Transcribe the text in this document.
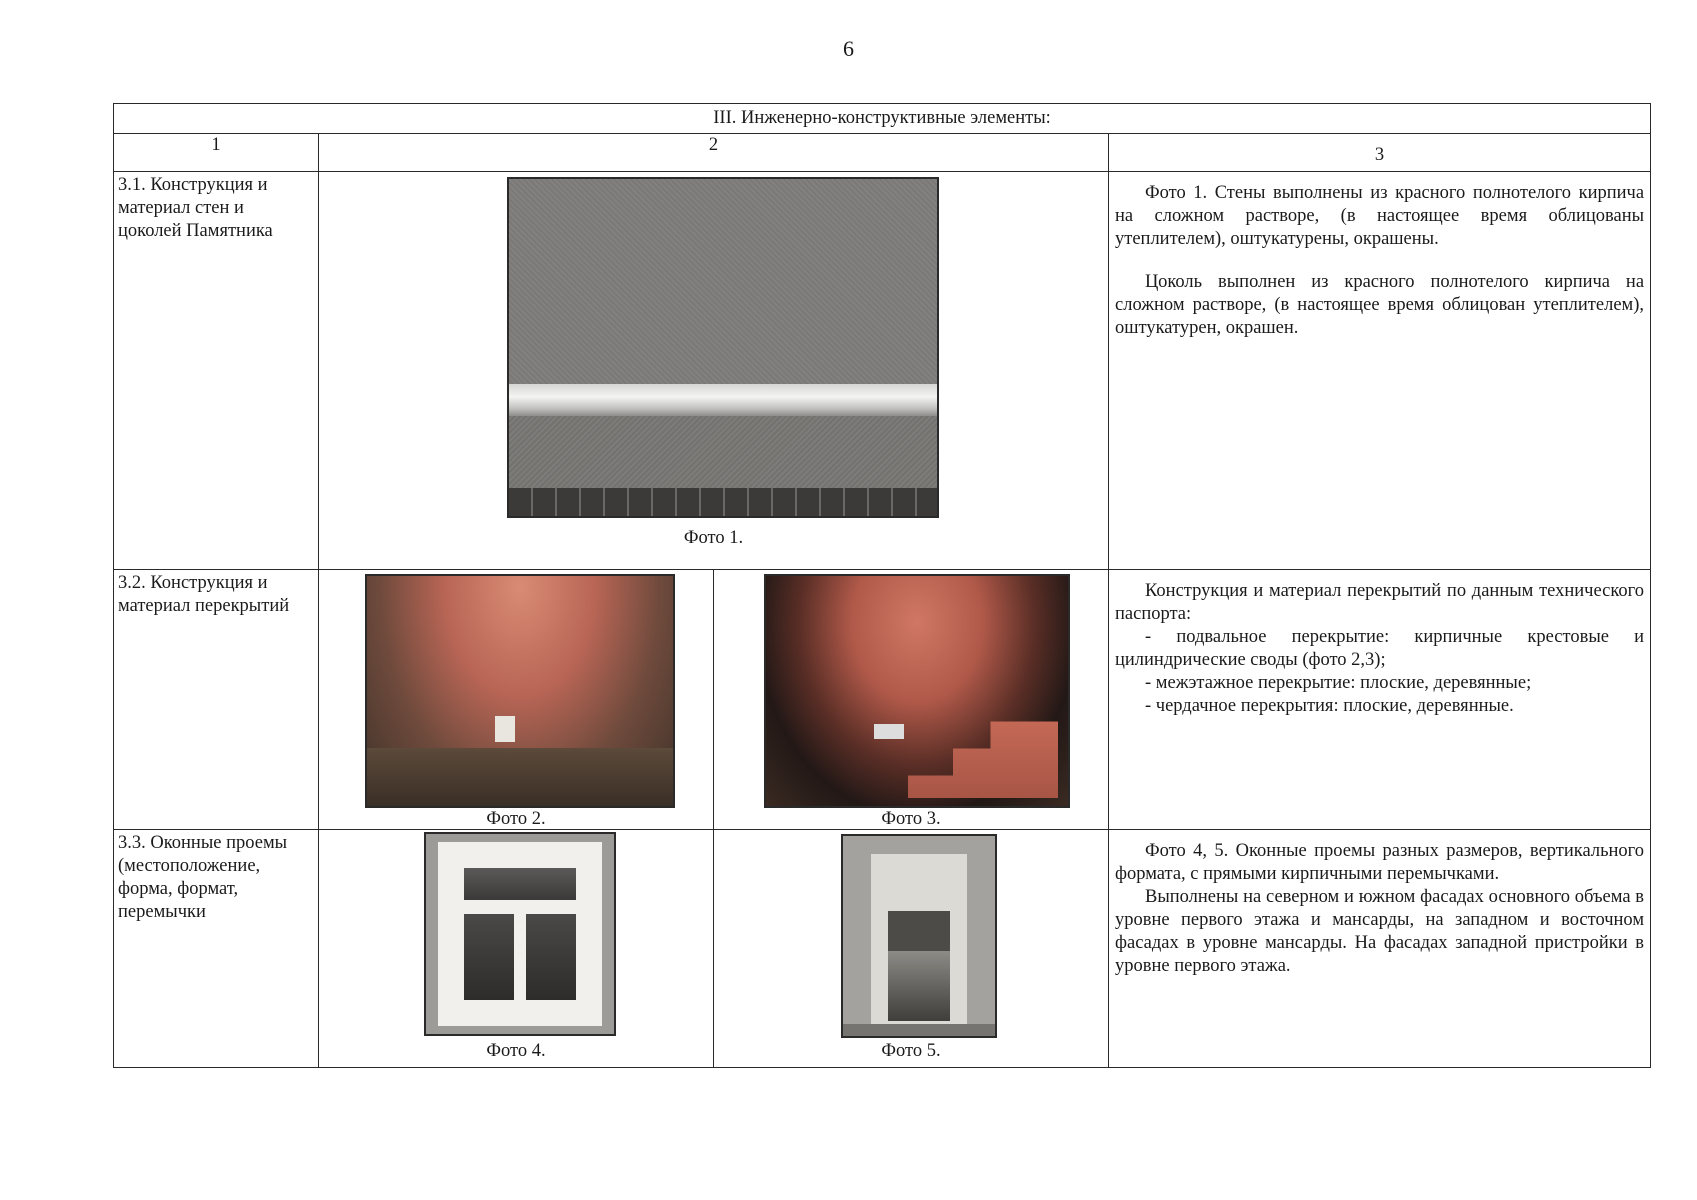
6
III. Инженерно-конструктивные элементы:			
1	2		3
3.1. Конструкция и материал стен и цоколей Памятника	Фото 1.		Фото 1. Стены выполнены из красного полнотелого кирпича на сложном растворе, (в настоящее время облицованы утеплителем), оштукатурены, окрашены.

Цоколь выполнен из красного полнотелого кирпича на сложном растворе, (в настоящее время облицован утеплителем), оштукатурен, окрашен.

3.2. Конструкция и материал перекрытий	Фото 2.	Фото 3.	Конструкция и материал перекрытий по данным технического паспорта:

- подвальное перекрытие: кирпичные крестовые и цилиндрические своды (фото 2,3);

- межэтажное перекрытие: плоские, деревянные;

- чердачное перекрытия: плоские, деревянные.

3.3. Оконные проемы (местоположение, форма, формат, перемычки	Фото 4.	Фото 5.	Фото 4, 5. Оконные проемы разных размеров, вертикального формата, с прямыми кирпичными перемычками.

Выполнены на северном и южном фасадах основного объема в уровне первого этажа и мансарды, на западном и восточном фасадах в уровне мансарды. На фасадах западной пристройки в уровне первого этажа.
